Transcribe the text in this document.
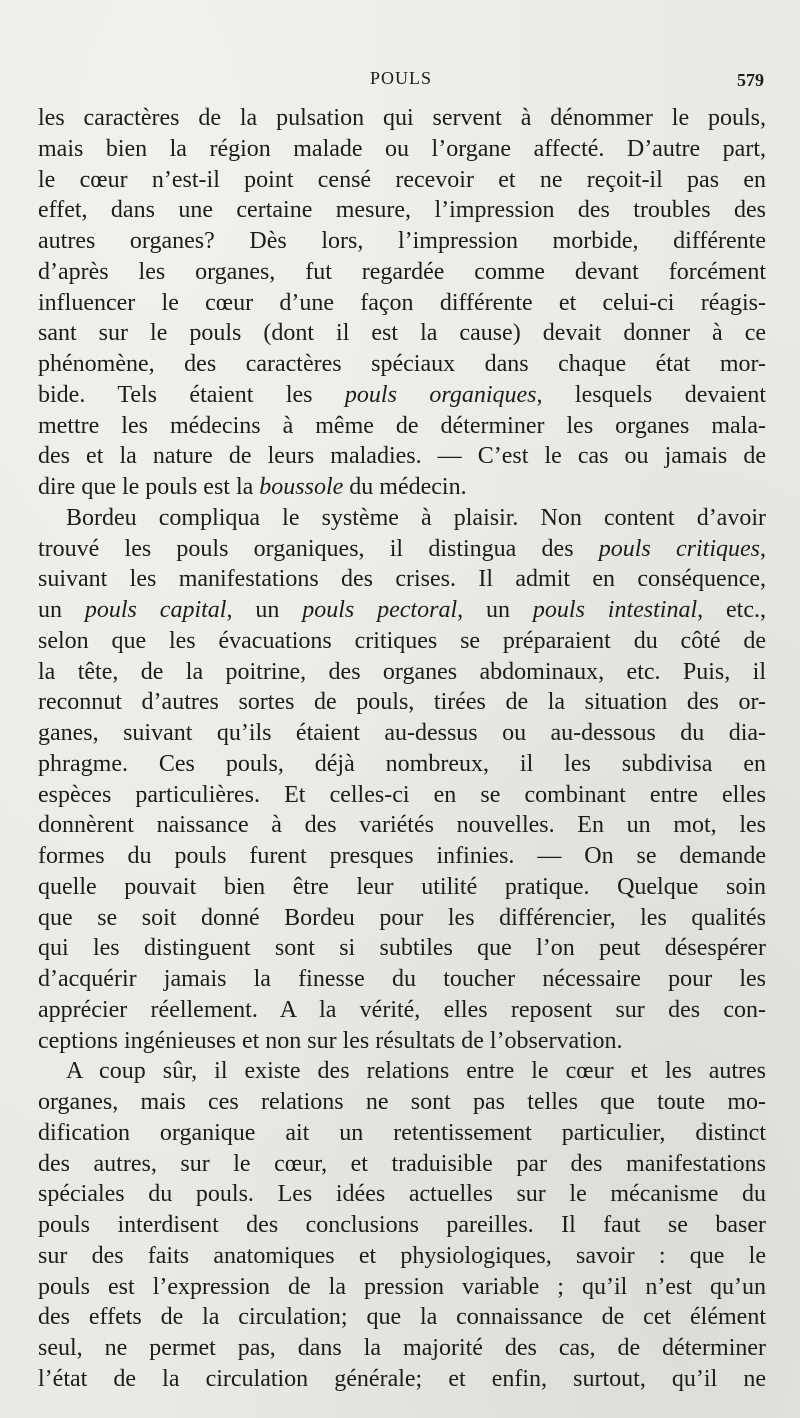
POULS	579
les caractères de la pulsation qui servent à dénommer le pouls,
mais bien la région malade ou l’organe affecté. D’autre part,
le cœur n’est-il point censé recevoir et ne reçoit-il pas en
effet, dans une certaine mesure, l’impression des troubles des
autres organes? Dès lors, l’impression morbide, différente
d’après les organes, fut regardée comme devant forcément
influencer le cœur d’une façon différente et celui-ci réagis-
sant sur le pouls (dont il est la cause) devait donner à ce
phénomène, des caractères spéciaux dans chaque état mor-
bide. Tels étaient les pouls organiques, lesquels devaient
mettre les médecins à même de déterminer les organes mala-
des et la nature de leurs maladies. — C’est le cas ou jamais de
dire que le pouls est la boussole du médecin.
Bordeu compliqua le système à plaisir. Non content d’avoir
trouvé les pouls organiques, il distingua des pouls critiques,
suivant les manifestations des crises. Il admit en conséquence,
un pouls capital, un pouls pectoral, un pouls intestinal, etc.,
selon que les évacuations critiques se préparaient du côté de
la tête, de la poitrine, des organes abdominaux, etc. Puis, il
reconnut d’autres sortes de pouls, tirées de la situation des or-
ganes, suivant qu’ils étaient au-dessus ou au-dessous du dia-
phragme. Ces pouls, déjà nombreux, il les subdivisa en
espèces particulières. Et celles-ci en se combinant entre elles
donnèrent naissance à des variétés nouvelles. En un mot, les
formes du pouls furent presques infinies. — On se demande
quelle pouvait bien être leur utilité pratique. Quelque soin
que se soit donné Bordeu pour les différencier, les qualités
qui les distinguent sont si subtiles que l’on peut désespérer
d’acquérir jamais la finesse du toucher nécessaire pour les
apprécier réellement. A la vérité, elles reposent sur des con-
ceptions ingénieuses et non sur les résultats de l’observation.
A coup sûr, il existe des relations entre le cœur et les autres
organes, mais ces relations ne sont pas telles que toute mo-
dification organique ait un retentissement particulier, distinct
des autres, sur le cœur, et traduisible par des manifestations
spéciales du pouls. Les idées actuelles sur le mécanisme du
pouls interdisent des conclusions pareilles. Il faut se baser
sur des faits anatomiques et physiologiques, savoir : que le
pouls est l’expression de la pression variable ; qu’il n’est qu’un
des effets de la circulation; que la connaissance de cet élément
seul, ne permet pas, dans la majorité des cas, de déterminer
l’état de la circulation générale; et enfin, surtout, qu’il ne
